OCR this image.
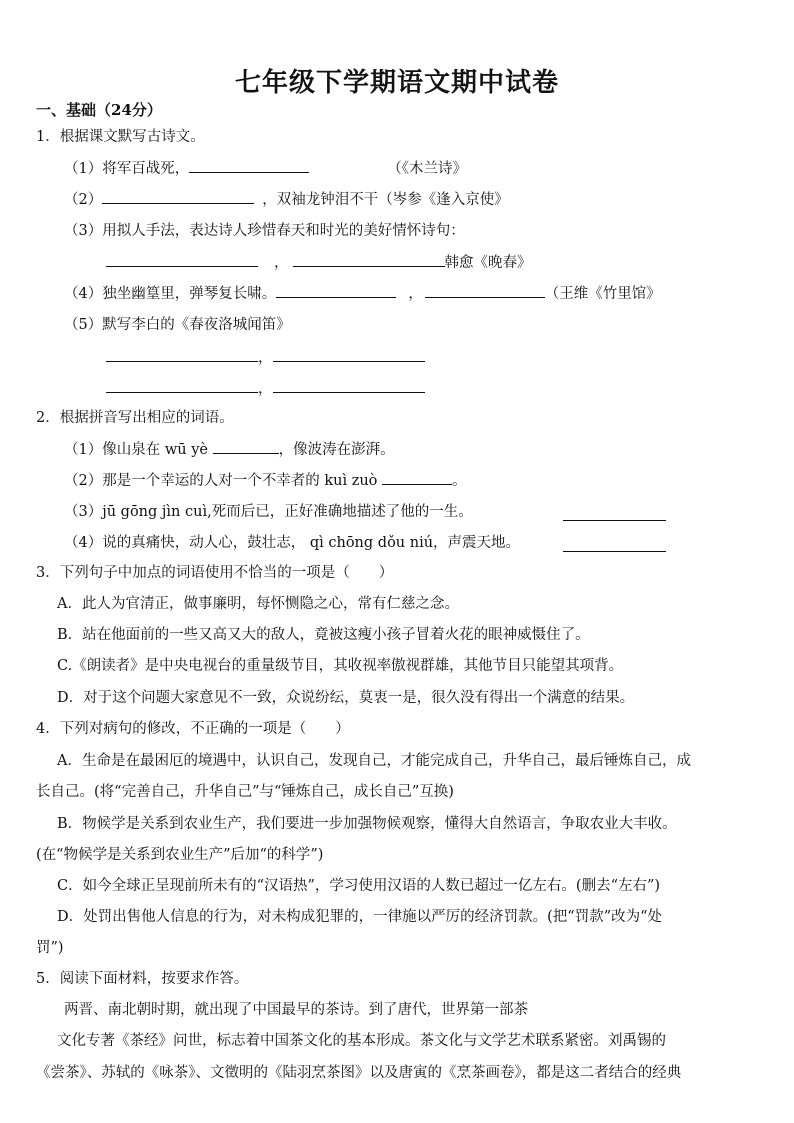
七年级下学期语文期中试卷
一、基础（24分）
1．根据课文默写古诗文。
（1）将军百战死，	（《木兰诗》
（2）	，双袖龙钟泪不干（岑参《逢入京使》
（3）用拟人手法，表达诗人珍惜春天和时光的美好情怀诗句：
，	韩愈《晚春》
（4）独坐幽篁里，弹琴复长啸。	，	（王维《竹里馆》
（5）默写李白的《春夜洛城闻笛》
，
，
2．根据拼音写出相应的词语。
（1）像山泉在 wū yè	，像波涛在澎湃。
（2）那是一个幸运的人对一个不幸者的 kuì zuò	。
（3）jū gōng jìn cuì,死而后已，正好准确地描述了他的一生。
（4）说的真痛快，动人心，鼓壮志， qì chōng dǒu niú，声震天地。
3．下列句子中加点的词语使用不恰当的一项是（　　）
A．此人为官清正，做事廉明，每怀恻隐之心，常有仁慈之念。
B．站在他面前的一些又高又大的敌人，竟被这瘦小孩子冒着火花的眼神威慑住了。
C.《朗读者》是中央电视台的重量级节目，其收视率傲视群雄，其他节目只能望其项背。
D．对于这个问题大家意见不一致，众说纷纭，莫衷一是，很久没有得出一个满意的结果。
4．下列对病句的修改，不正确的一项是（　　）
A．生命是在最困厄的境遇中，认识自己，发现自己，才能完成自己，升华自己，最后锤炼自己，成
长自己。(将“完善自己，升华自己”与“锤炼自己，成长自己”互换)
B．物候学是关系到农业生产，我们要进一步加强物候观察，懂得大自然语言，争取农业大丰收。
(在“物候学是关系到农业生产”后加“的科学”)
C．如今全球正呈现前所未有的“汉语热”，学习使用汉语的人数已超过一亿左右。(删去“左右”)
D．处罚出售他人信息的行为，对未构成犯罪的，一律施以严厉的经济罚款。(把“罚款”改为“处
罚”)
5．阅读下面材料，按要求作答。
两晋、南北朝时期，就出现了中国最早的茶诗。到了唐代，世界第一部茶
文化专著《茶经》问世，标志着中国茶文化的基本形成。茶文化与文学艺术联系紧密。刘禹锡的
《尝茶》、苏轼的《咏茶》、文徵明的《陆羽烹茶图》以及唐寅的《烹茶画卷》，都是这二者结合的经典
